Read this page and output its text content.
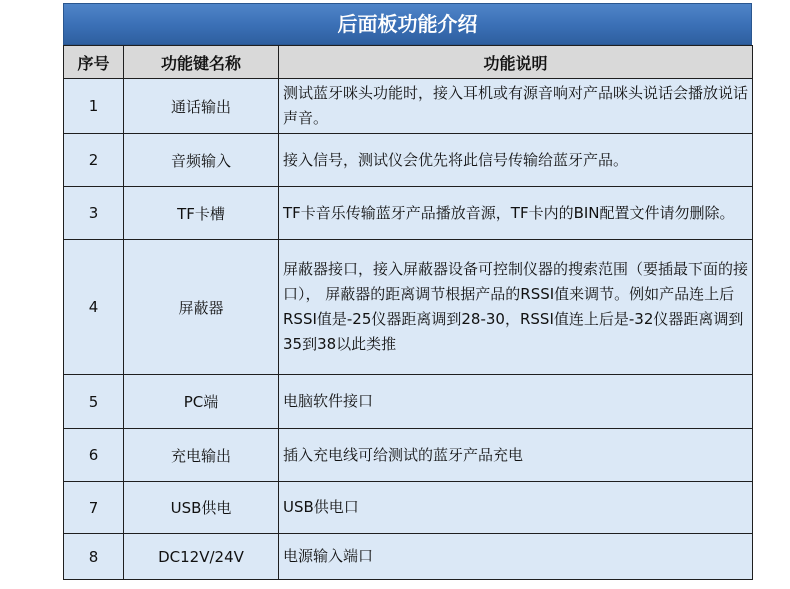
后面板功能介绍
序号	功能键名称	功能说明
1	通话输出	测试蓝牙咪头功能时，接入耳机或有源音响对产品咪头说话会播放说话声音。
2	音频输入	接入信号，测试仪会优先将此信号传输给蓝牙产品。
3	TF卡槽	TF卡音乐传输蓝牙产品播放音源，TF卡内的BIN配置文件请勿删除。
4	屏蔽器	屏蔽器接口，接入屏蔽器设备可控制仪器的搜索范围（要插最下面的接口）， 屏蔽器的距离调节根据产品的RSSI值来调节。例如产品连上后RSSI值是-25仪器距离调到28-30，RSSI值连上后是-32仪器距离调到35到38以此类推
5	PC端	电脑软件接口
6	充电输出	插入充电线可给测试的蓝牙产品充电
7	USB供电	USB供电口
8	DC12V/24V	电源输入端口
